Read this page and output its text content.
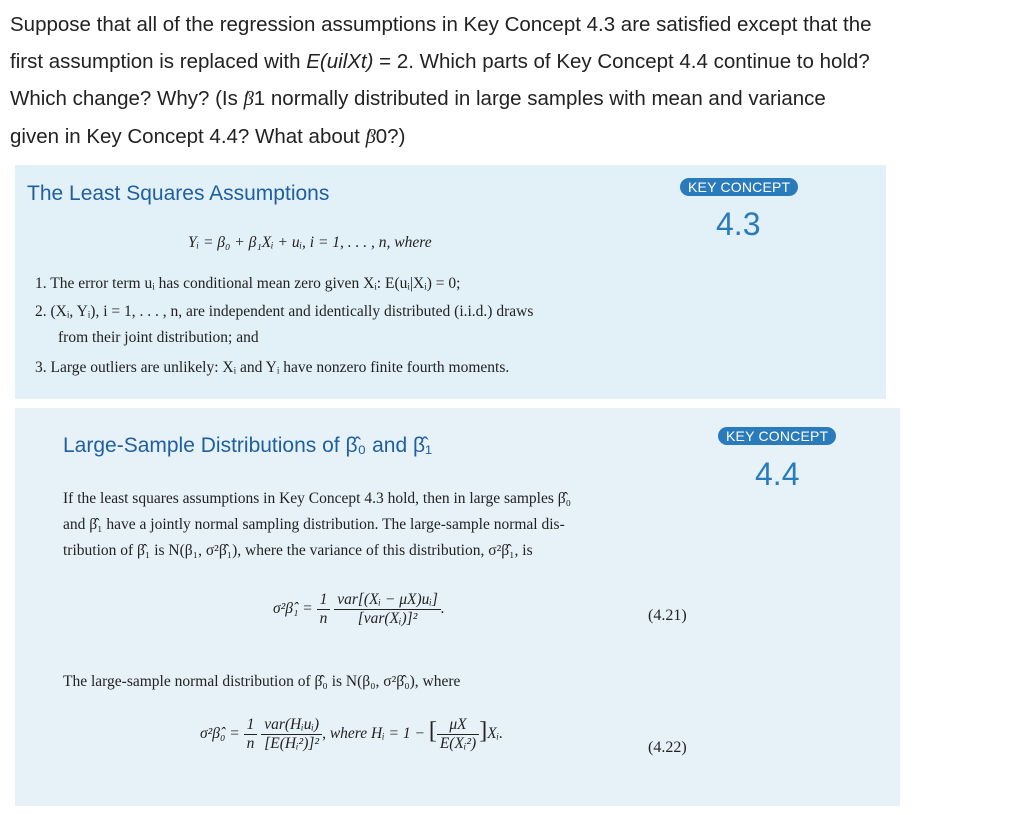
Suppose that all of the regression assumptions in Key Concept 4.3 are satisfied except that the

first assumption is replaced with E(uilXt) = 2. Which parts of Key Concept 4.4 continue to hold?

Which change? Why? (Is ^ β1 normally distributed in large samples with mean and variance

given in Key Concept 4.4? What about ^ β0?)

The Least Squares Assumptions	KEY CONCEPT
4.3
Yᵢ = β₀ + β₁Xᵢ + uᵢ, i = 1, . . . , n, where
1. The error term uᵢ has conditional mean zero given Xᵢ: E(uᵢ|Xᵢ) = 0;
2. (Xᵢ, Yᵢ), i = 1, . . . , n, are independent and identically distributed (i.i.d.) draws
from their joint distribution; and
3. Large outliers are unlikely: Xᵢ and Yᵢ have nonzero finite fourth moments.
Large-Sample Distributions of β̂₀ and β̂₁	KEY CONCEPT
4.4
If the least squares assumptions in Key Concept 4.3 hold, then in large samples β̂₀
and β̂₁ have a jointly normal sampling distribution. The large-sample normal dis-
tribution of β̂₁ is N(β₁, σ²β̂₁), where the variance of this distribution, σ²β̂₁, is
σ²β̂₁ = $\frac{1}{n}$
$\frac{\text{var[(Xᵢ − μX)uᵢ]}}{\text{[var(Xᵢ)]²}}$ .	(4.21)
The large-sample normal distribution of β̂₀ is N(β₀, σ²β̂₀), where
σ²β̂₀ = $\frac{1}{n}$
$\frac{\text{var(Hᵢuᵢ)}}{\text{[E(Hᵢ²)]²}}$ , where Hᵢ = 1 − [ $\frac{\mu X}{\text{E(Xᵢ²)}}$ ]Xᵢ.
(4.22)
